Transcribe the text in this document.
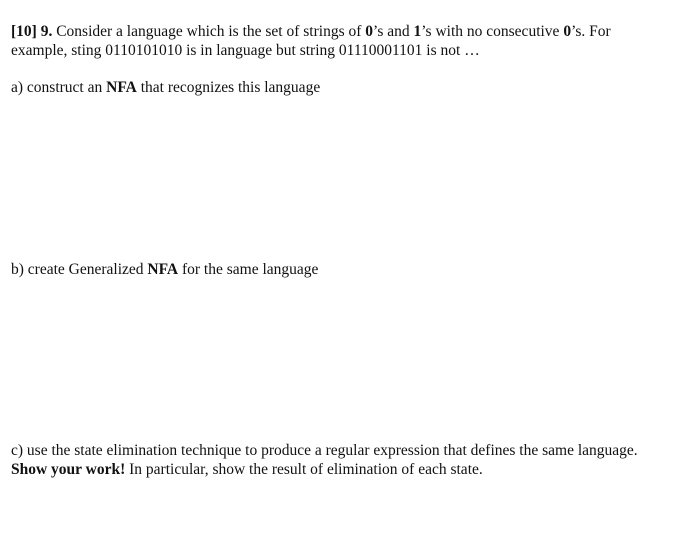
[10] 9. Consider a language which is the set of strings of 0’s and 1’s with no consecutive 0’s. For
example, sting 0110101010 is in language but string 01110001101 is not …
a) construct an NFA that recognizes this language
b) create Generalized NFA for the same language
c) use the state elimination technique to produce a regular expression that defines the same language.
Show your work! In particular, show the result of elimination of each state.
